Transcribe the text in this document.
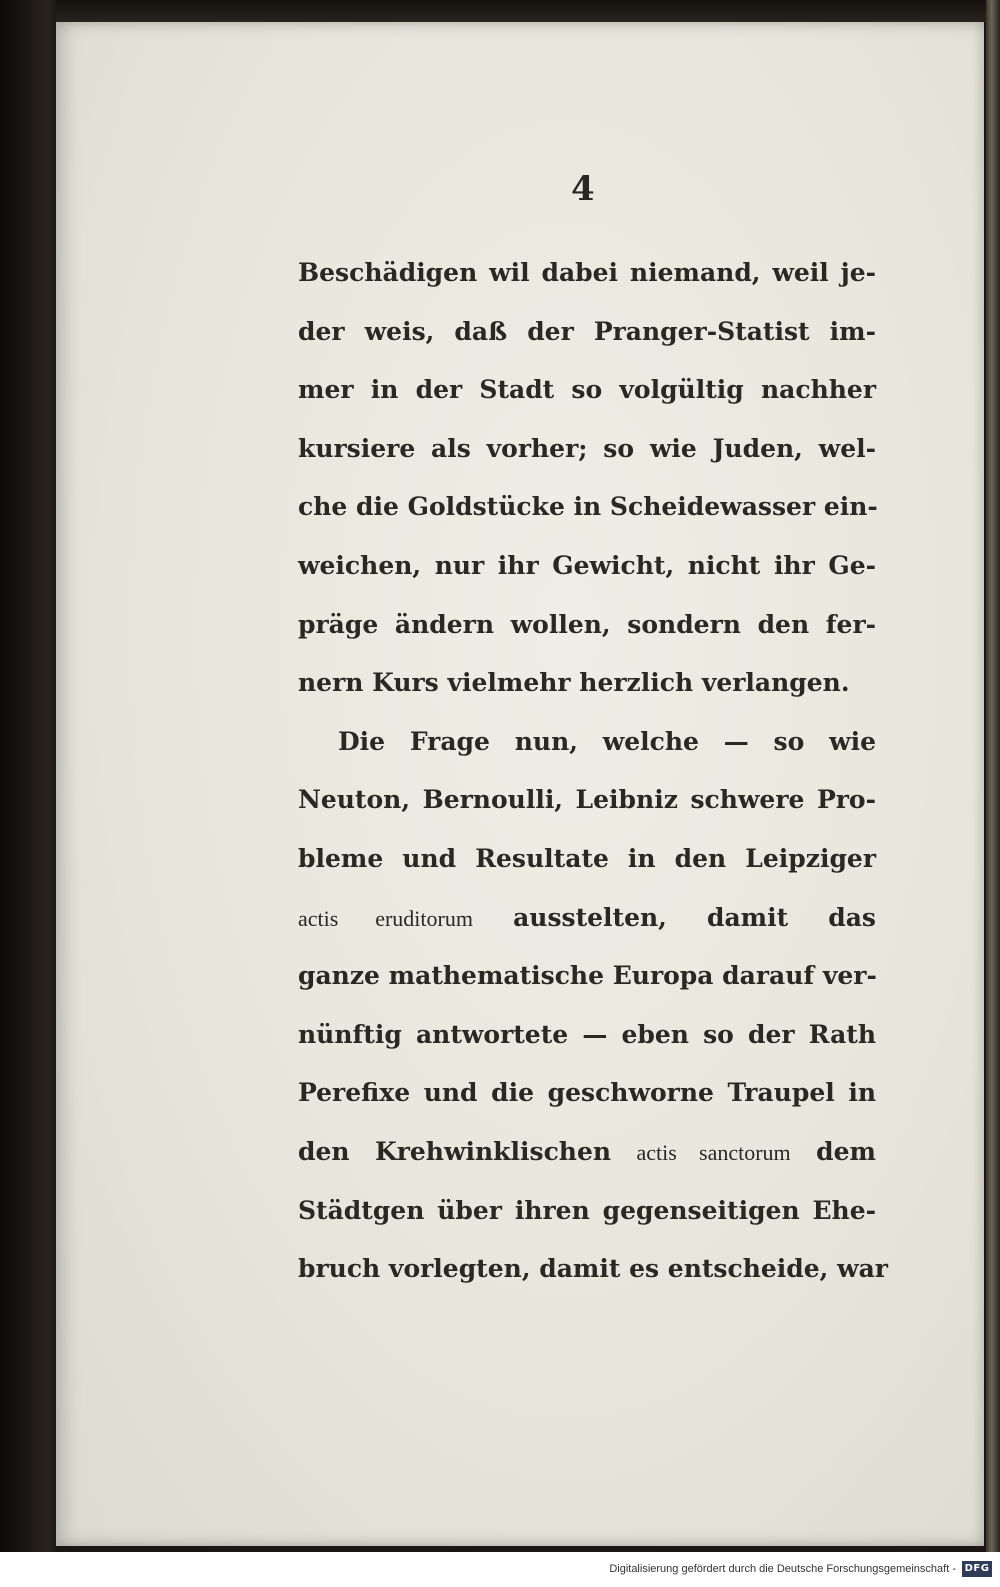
4
Beschädigen wil dabei niemand, weil je-
der weis, daß der Pranger-Statist im-
mer in der Stadt so volgültig nachher
kursiere als vorher; so wie Juden, wel-
che die Goldstücke in Scheidewasser ein-
weichen, nur ihr Gewicht, nicht ihr Ge-
präge ändern wollen, sondern den fer-
nern Kurs vielmehr herzlich verlangen.
Die Frage nun, welche — so wie
Neuton, Bernoulli, Leibniz schwere Pro-
bleme und Resultate in den Leipziger
actis eruditorum ausstelten, damit das
ganze mathematische Europa darauf ver-
nünftig antwortete — eben so der Rath
Perefixe und die geschworne Traupel in
den Krehwinklischen actis sanctorum dem
Städtgen über ihren gegenseitigen Ehe-
bruch vorlegten, damit es entscheide, war
Digitalisierung gefördert durch die Deutsche Forschungsgemeinschaft - DFG
